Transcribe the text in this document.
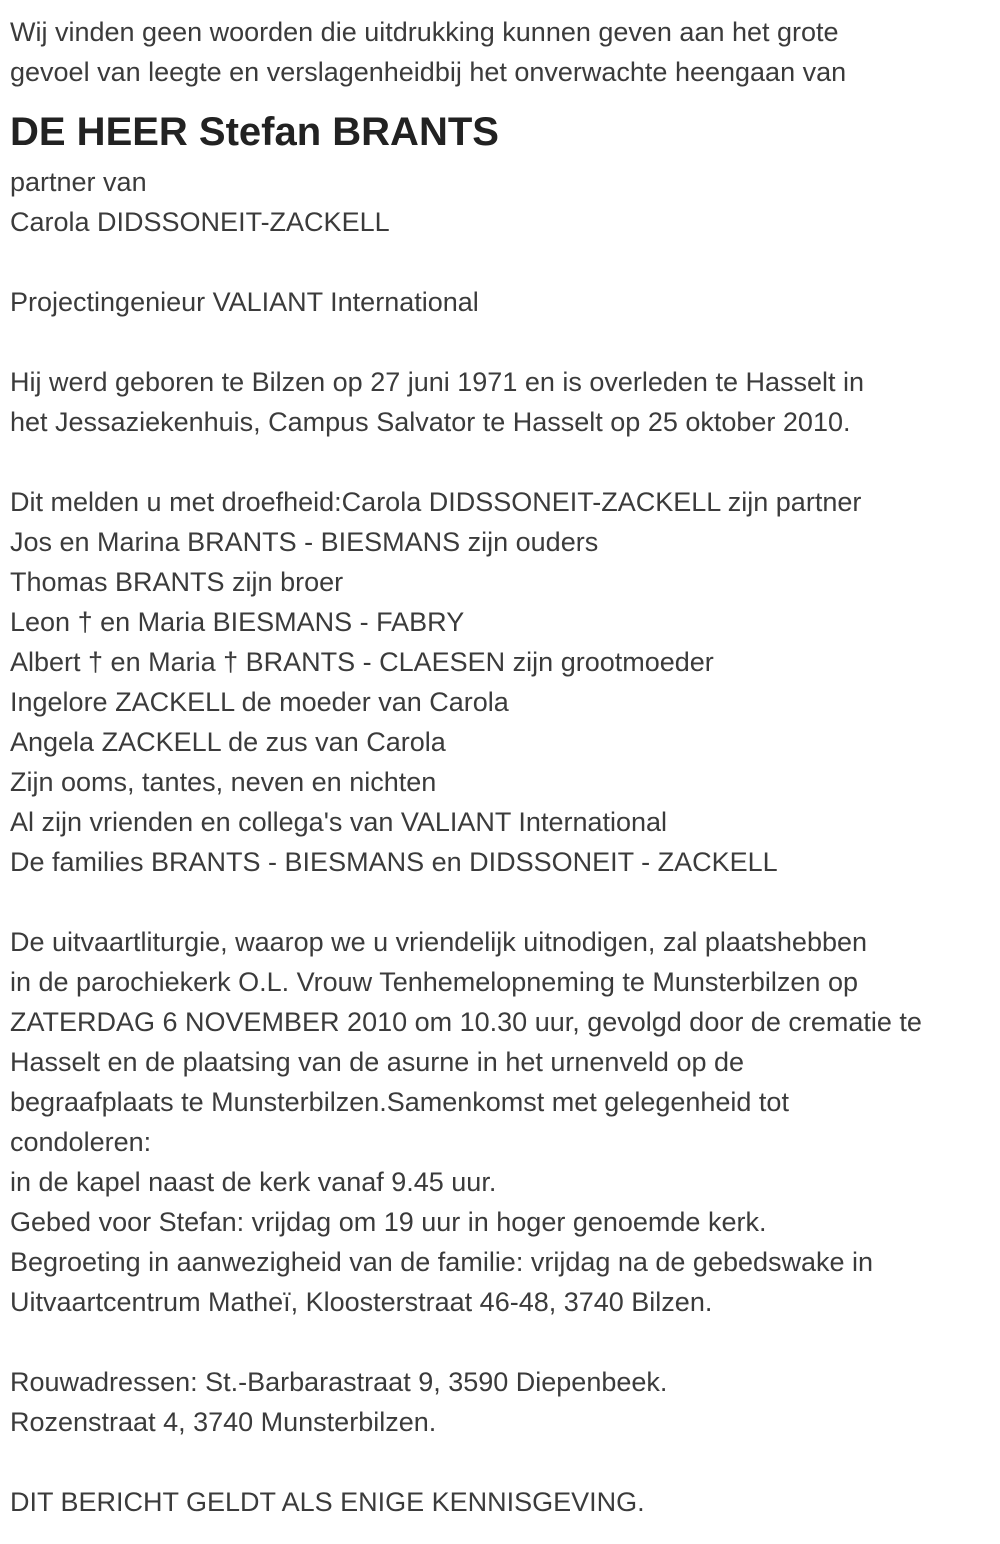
Wij vinden geen woorden die uitdrukking kunnen geven aan het grote
gevoel van leegte en verslagenheidbij het onverwachte heengaan van
DE HEER Stefan BRANTS
partner van
Carola DIDSSONEIT-ZACKELL
Projectingenieur VALIANT International
Hij werd geboren te Bilzen op 27 juni 1971 en is overleden te Hasselt in
het Jessaziekenhuis, Campus Salvator te Hasselt op 25 oktober 2010.
Dit melden u met droefheid:Carola DIDSSONEIT-ZACKELL zijn partner
Jos en Marina BRANTS - BIESMANS zijn ouders
Thomas BRANTS zijn broer
Leon † en Maria BIESMANS - FABRY
Albert † en Maria † BRANTS - CLAESEN zijn grootmoeder
Ingelore ZACKELL de moeder van Carola
Angela ZACKELL de zus van Carola
Zijn ooms, tantes, neven en nichten
Al zijn vrienden en collega's van VALIANT International
De families BRANTS - BIESMANS en DIDSSONEIT - ZACKELL
De uitvaartliturgie, waarop we u vriendelijk uitnodigen, zal plaatshebben
in de parochiekerk O.L. Vrouw Tenhemelopneming te Munsterbilzen op
ZATERDAG 6 NOVEMBER 2010 om 10.30 uur, gevolgd door de crematie te
Hasselt en de plaatsing van de asurne in het urnenveld op de
begraafplaats te Munsterbilzen.Samenkomst met gelegenheid tot
condoleren:
in de kapel naast de kerk vanaf 9.45 uur.
Gebed voor Stefan: vrijdag om 19 uur in hoger genoemde kerk.
Begroeting in aanwezigheid van de familie: vrijdag na de gebedswake in
Uitvaartcentrum Matheï, Kloosterstraat 46-48, 3740 Bilzen.
Rouwadressen: St.-Barbarastraat 9, 3590 Diepenbeek.
Rozenstraat 4, 3740 Munsterbilzen.
DIT BERICHT GELDT ALS ENIGE KENNISGEVING.
